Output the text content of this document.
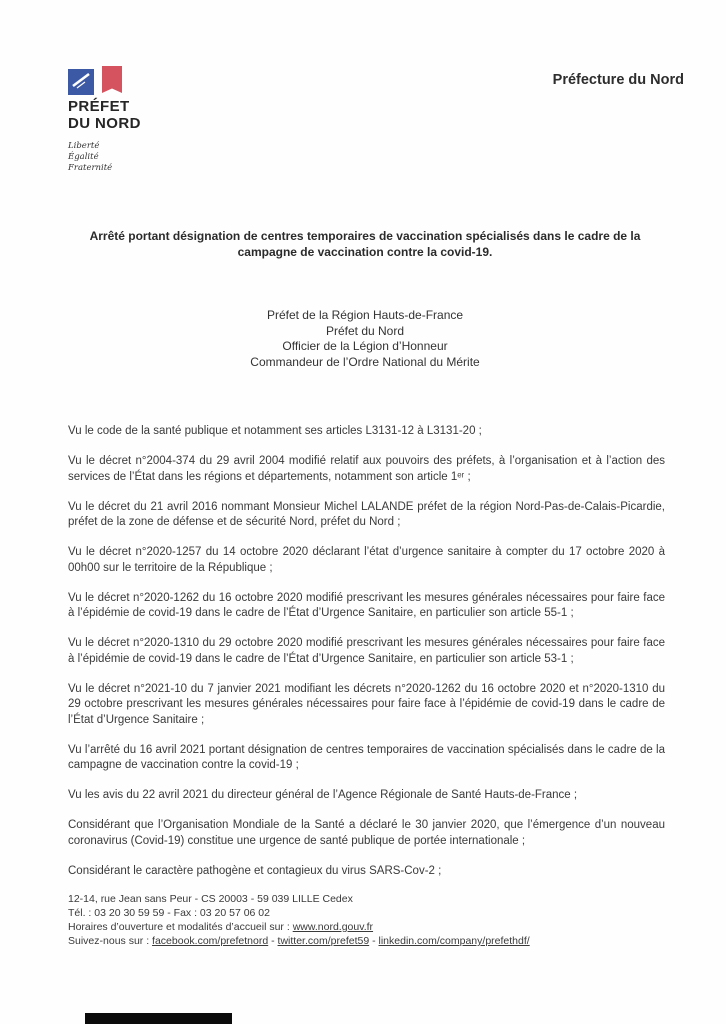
PRÉFET
DU NORD
Liberté
Égalité
Fraternité
Préfecture du Nord
Arrêté portant désignation de centres temporaires de vaccination spécialisés dans le cadre de la campagne de vaccination contre la covid-19.
Préfet de la Région Hauts-de-France
Préfet du Nord
Officier de la Légion d’Honneur
Commandeur de l’Ordre National du Mérite

Vu le code de la santé publique et notamment ses articles L3131-12 à L3131-20 ;

Vu le décret n°2004-374 du 29 avril 2004 modifié relatif aux pouvoirs des préfets, à l’organisation et à l’action des services de l’État dans les régions et départements, notamment son article 1ᵉʳ ;

Vu le décret du 21 avril 2016 nommant Monsieur Michel LALANDE préfet de la région Nord-Pas-de-Calais-Picardie, préfet de la zone de défense et de sécurité Nord, préfet du Nord ;

Vu le décret n°2020-1257 du 14 octobre 2020 déclarant l’état d’urgence sanitaire à compter du 17 octobre 2020 à 00h00 sur le territoire de la République ;

Vu le décret n°2020-1262 du 16 octobre 2020 modifié prescrivant les mesures générales nécessaires pour faire face à l’épidémie de covid-19 dans le cadre de l’État d’Urgence Sanitaire, en particulier son article 55-1 ;

Vu le décret n°2020-1310 du 29 octobre 2020 modifié prescrivant les mesures générales nécessaires pour faire face à l’épidémie de covid-19 dans le cadre de l’État d’Urgence Sanitaire, en particulier son article 53-1 ;

Vu le décret n°2021-10 du 7 janvier 2021 modifiant les décrets n°2020-1262 du 16 octobre 2020 et n°2020-1310 du 29 octobre prescrivant les mesures générales nécessaires pour faire face à l’épidémie de covid-19 dans le cadre de l’État d’Urgence Sanitaire ;

Vu l’arrêté du 16 avril 2021 portant désignation de centres temporaires de vaccination spécialisés dans le cadre de la campagne de vaccination contre la covid-19 ;

Vu les avis du 22 avril 2021 du directeur général de l’Agence Régionale de Santé Hauts-de-France ;

Considérant que l’Organisation Mondiale de la Santé a déclaré le 30 janvier 2020, que l’émergence d’un nouveau coronavirus (Covid-19) constitue une urgence de santé publique de portée internationale ;

Considérant le caractère pathogène et contagieux du virus SARS-Cov-2 ;

12-14, rue Jean sans Peur - CS 20003 - 59 039 LILLE Cedex
Tél. : 03 20 30 59 59 - Fax : 03 20 57 06 02
Horaires d’ouverture et modalités d’accueil sur : www.nord.gouv.fr
Suivez-nous sur : facebook.com/prefetnord - twitter.com/prefet59 - linkedin.com/company/prefethdf/
